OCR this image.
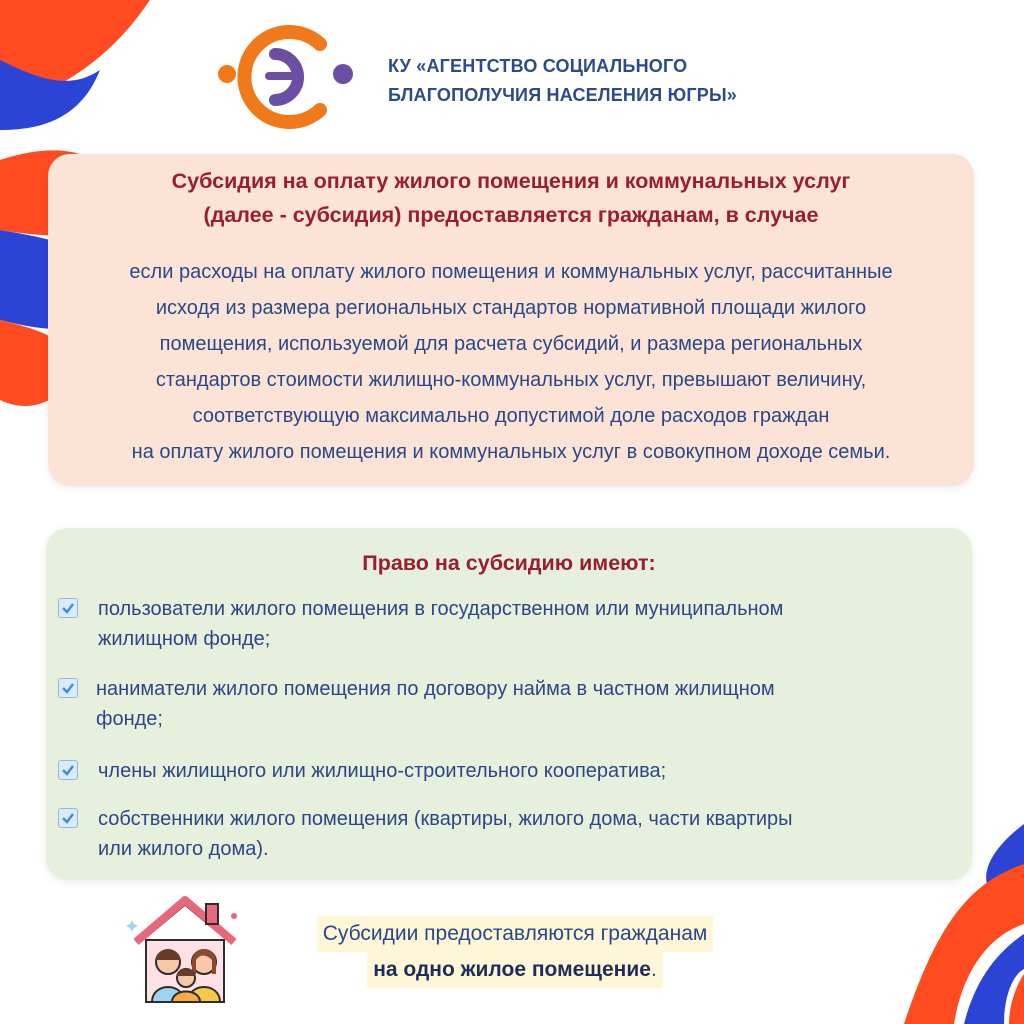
КУ «АГЕНТСТВО СОЦИАЛЬНОГО
БЛАГОПОЛУЧИЯ НАСЕЛЕНИЯ ЮГРЫ»
Субсидия на оплату жилого помещения и коммунальных услуг
(далее - субсидия) предоставляется гражданам, в случае
если расходы на оплату жилого помещения и коммунальных услуг, рассчитанные
исходя из размера региональных стандартов нормативной площади жилого
помещения, используемой для расчета субсидий, и размера региональных
стандартов стоимости жилищно-коммунальных услуг, превышают величину,
соответствующую максимально допустимой доле расходов граждан
на оплату жилого помещения и коммунальных услуг в совокупном доходе семьи.
Право на субсидию имеют:
пользователи жилого помещения в государственном или муниципальном
жилищном фонде;
наниматели жилого помещения по договору найма в частном жилищном
фонде;
члены жилищного или жилищно-строительного кооператива;
собственники жилого помещения (квартиры, жилого дома, части квартиры
или жилого дома).
Субсидии предоставляются гражданам
на одно жилое помещение.
